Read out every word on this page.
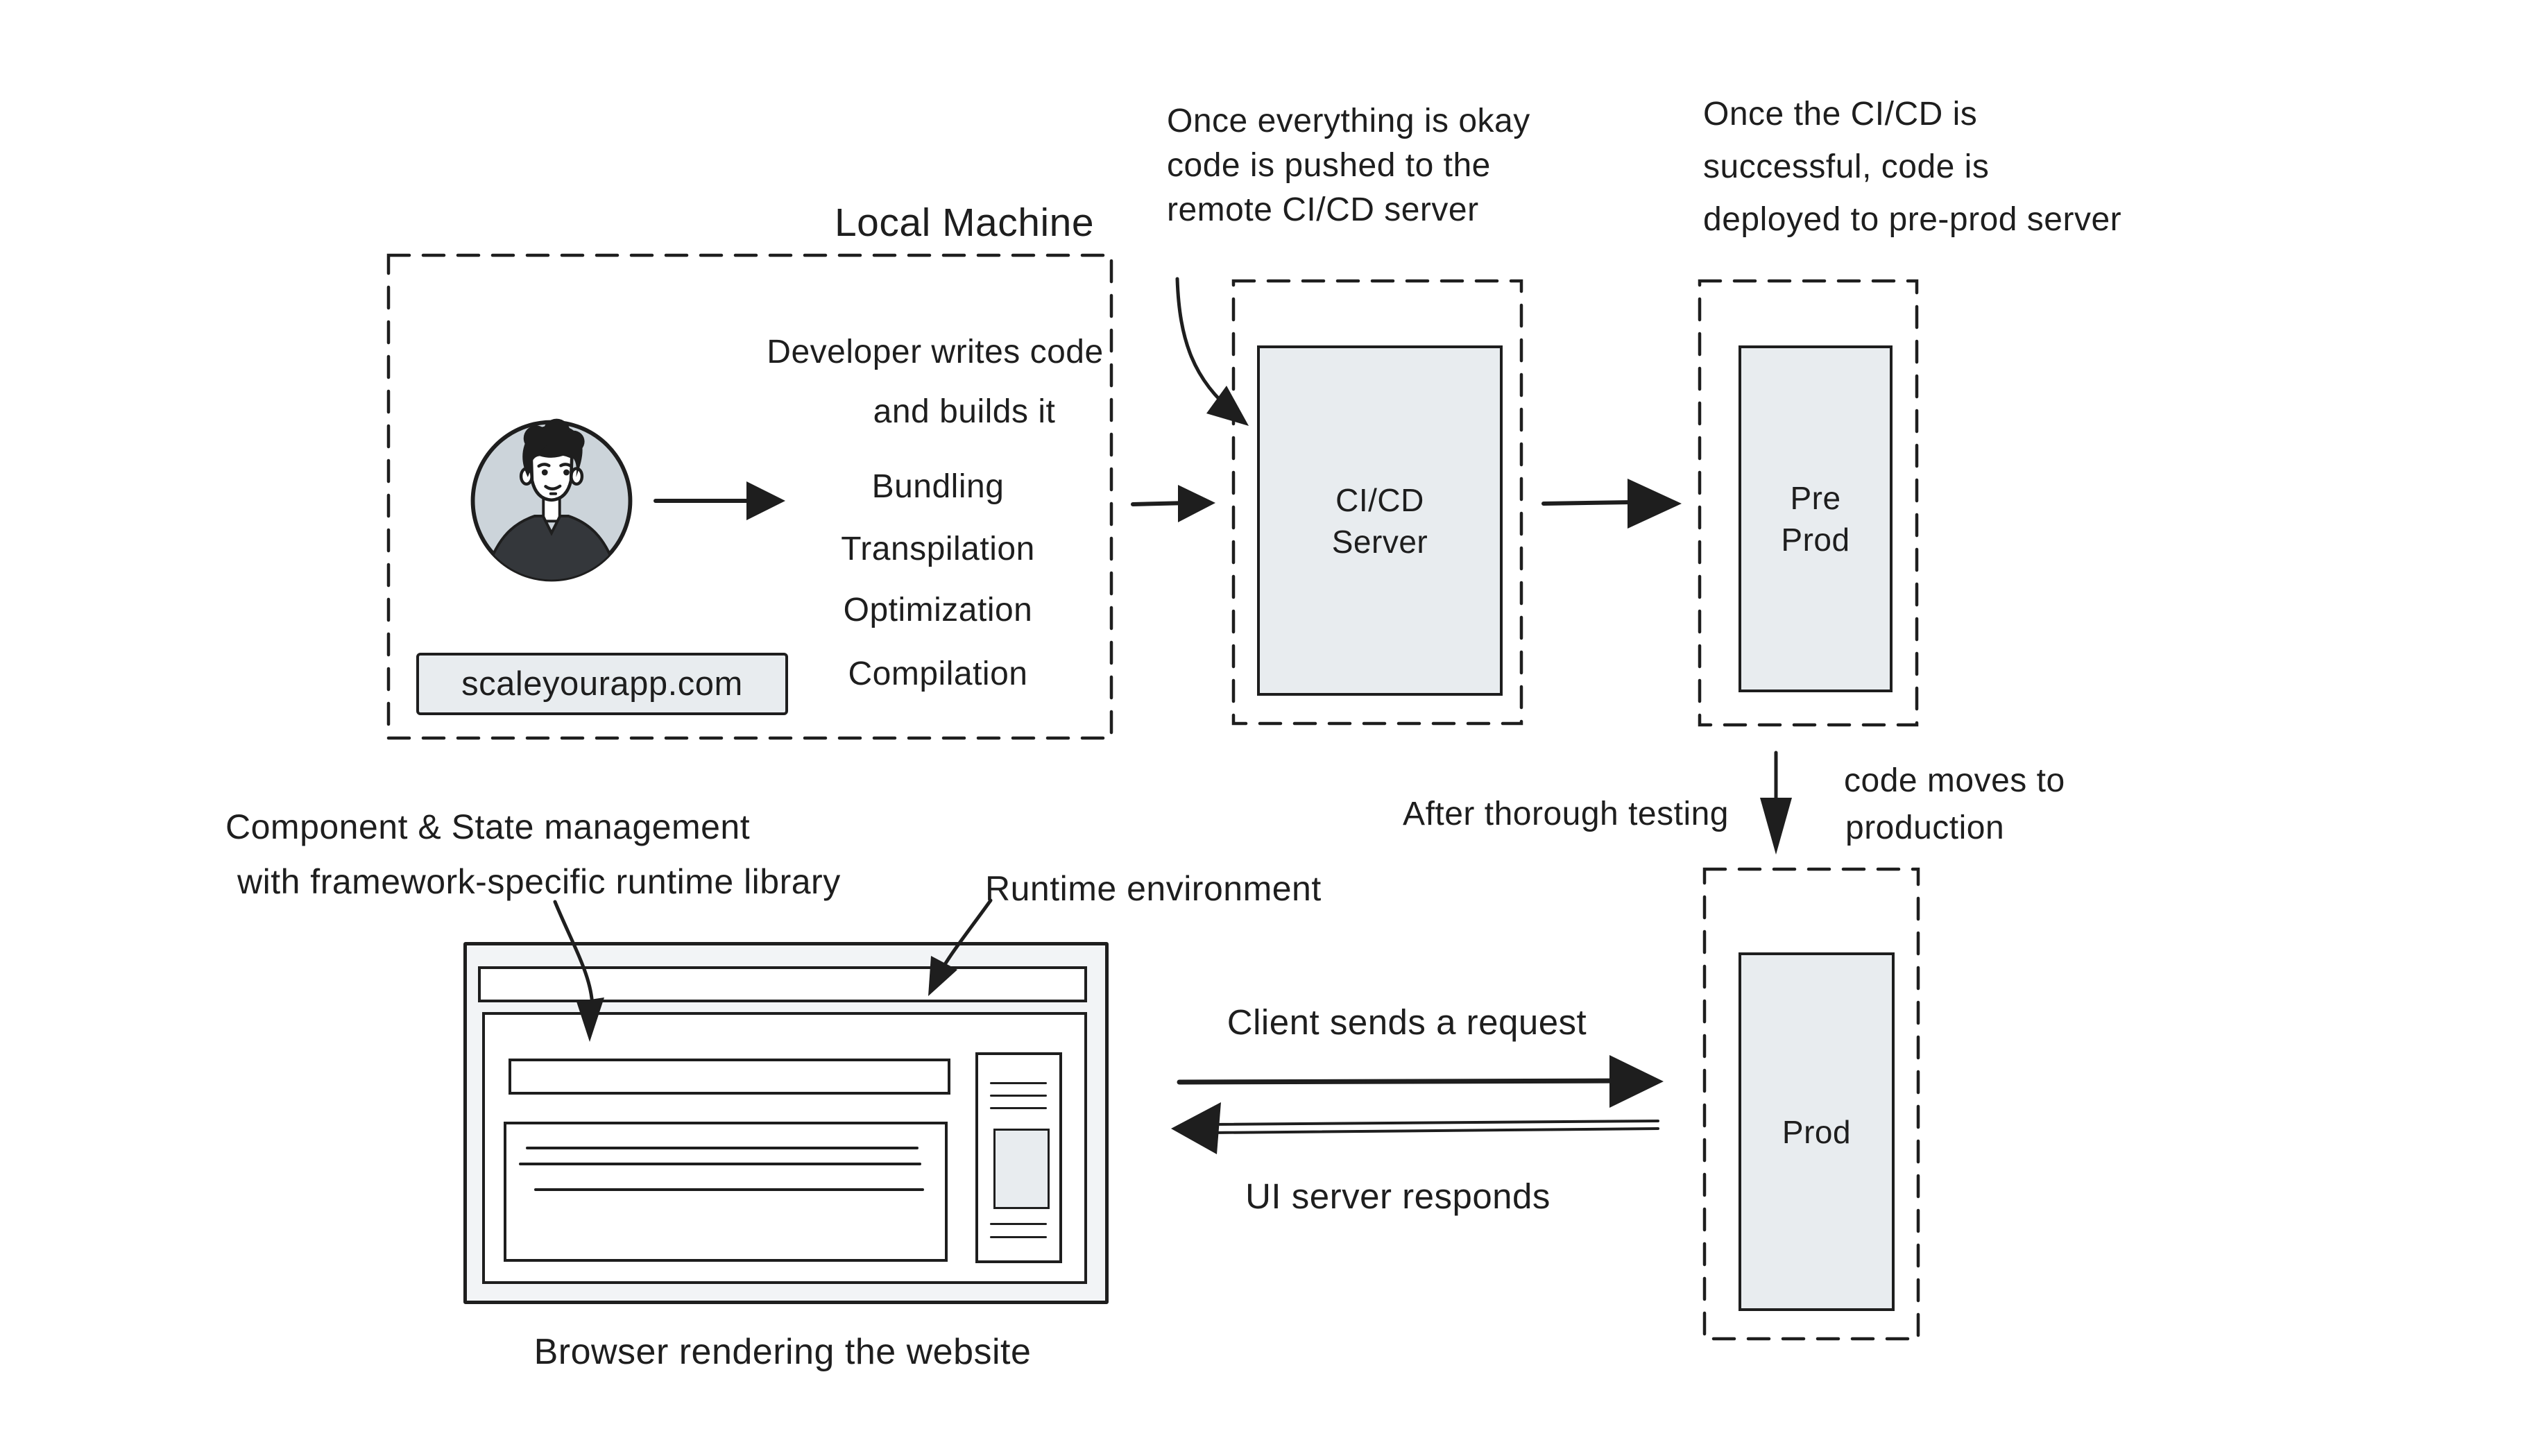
Local Machine
Developer writes code
and builds it
Bundling
Transpilation
Optimization
Compilation
scaleyourapp.com
Once everything is okay
code is pushed to the
remote CI/CD server
Once the CI/CD is
successful, code is
deployed to pre-prod server
CI/CD
Server
Pre
Prod
After thorough testing
code moves to
production
Prod
Component & State management
with framework-specific runtime library	Runtime environment
Browser rendering the website
Client sends a request
UI server responds
